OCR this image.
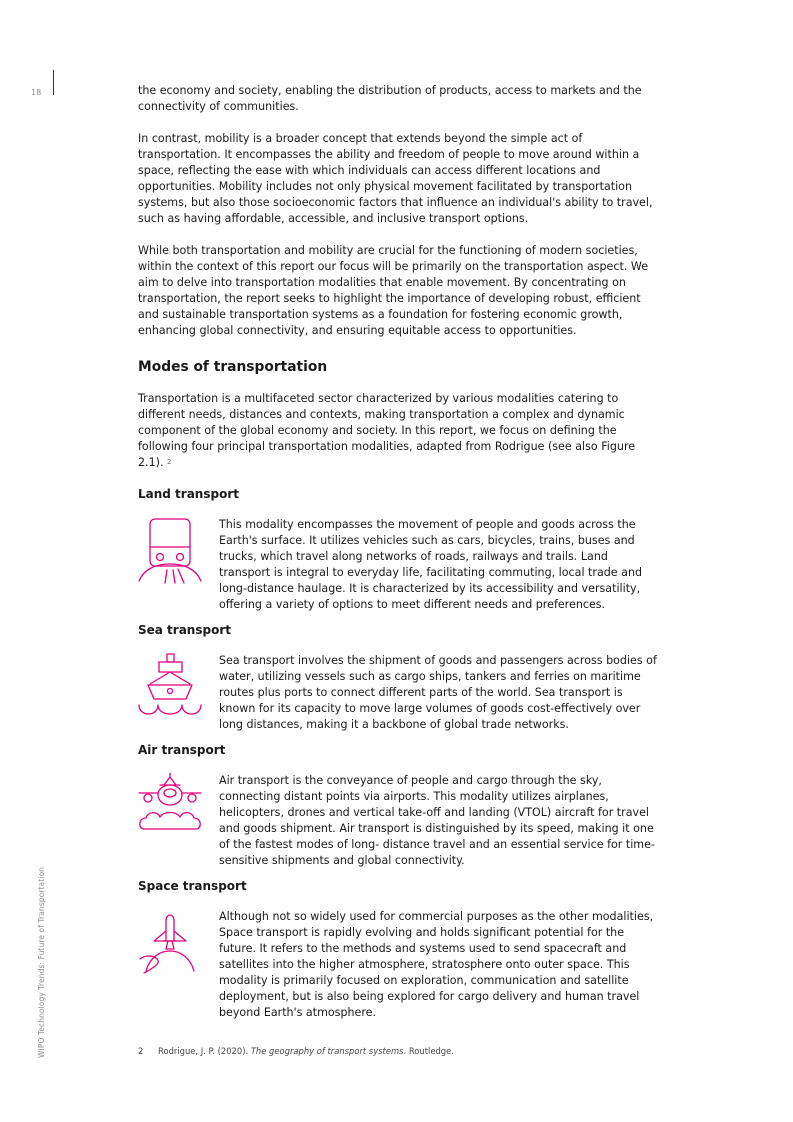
18
WIPO Technology Trends: Future of Transportation

the economy and society, enabling the distribution of products, access to markets and the connectivity of communities.

In contrast, mobility is a broader concept that extends beyond the simple act of transportation. It encompasses the ability and freedom of people to move around within a space, reflecting the ease with which individuals can access different locations and opportunities. Mobility includes not only physical movement facilitated by transportation systems, but also those socioeconomic factors that influence an individual's ability to travel, such as having affordable, accessible, and inclusive transport options.

While both transportation and mobility are crucial for the functioning of modern societies, within the context of this report our focus will be primarily on the transportation aspect. We aim to delve into transportation modalities that enable movement. By concentrating on transportation, the report seeks to highlight the importance of developing robust, efficient and sustainable transportation systems as a foundation for fostering economic growth, enhancing global connectivity, and ensuring equitable access to opportunities.

Modes of transportation

Transportation is a multifaceted sector characterized by various modalities catering to different needs, distances and contexts, making transportation a complex and dynamic component of the global economy and society. In this report, we focus on defining the following four principal transportation modalities, adapted from Rodrigue (see also Figure 2.1). $^2$

Land transport

This modality encompasses the movement of people and goods across the Earth's surface. It utilizes vehicles such as cars, bicycles, trains, buses and trucks, which travel along networks of roads, railways and trails. Land transport is integral to everyday life, facilitating commuting, local trade and long-distance haulage. It is characterized by its accessibility and versatility, offering a variety of options to meet different needs and preferences.

Sea transport

Sea transport involves the shipment of goods and passengers across bodies of water, utilizing vessels such as cargo ships, tankers and ferries on maritime routes plus ports to connect different parts of the world. Sea transport is known for its capacity to move large volumes of goods cost-effectively over long distances, making it a backbone of global trade networks.

Air transport

Air transport is the conveyance of people and cargo through the sky, connecting distant points via airports. This modality utilizes airplanes, helicopters, drones and vertical take-off and landing (VTOL) aircraft for travel and goods shipment. Air transport is distinguished by its speed, making it one of the fastest modes of long- distance travel and an essential service for time-sensitive shipments and global connectivity.

Space transport

Although not so widely used for commercial purposes as the other modalities, Space transport is rapidly evolving and holds significant potential for the future. It refers to the methods and systems used to send spacecraft and satellites into the higher atmosphere, stratosphere onto outer space. This modality is primarily focused on exploration, communication and satellite deployment, but is also being explored for cargo delivery and human travel beyond Earth's atmosphere.

2 Rodrigue, J. P. (2020). The geography of transport systems. Routledge.
